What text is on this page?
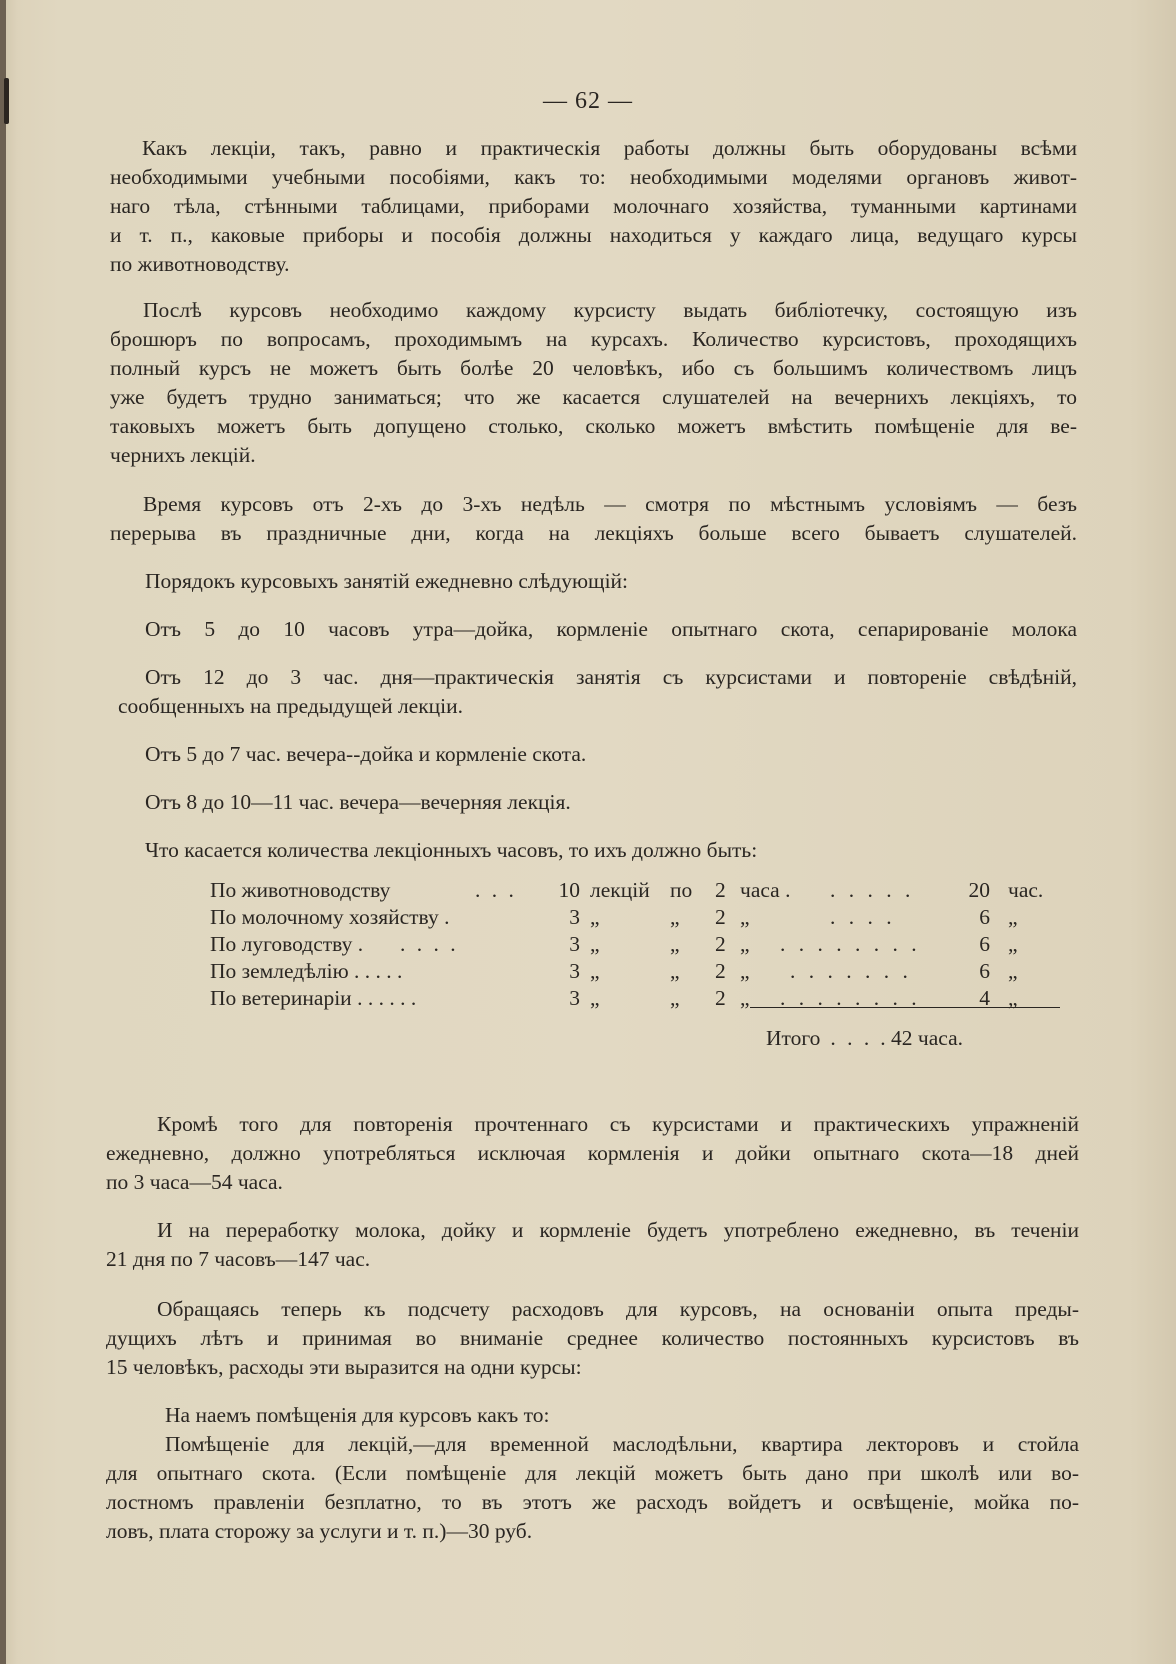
— 62 —
Какъ лекціи, такъ, равно и практическія работы должны быть оборудованы всѣми
необходимыми учебными пособіями, какъ то: необходимыми моделями органовъ живот-
наго тѣла, стѣнными таблицами, приборами молочнаго хозяйства, туманными картинами
и т. п., каковые приборы и пособія должны находиться у каждаго лица, ведущаго курсы
по животноводству.
Послѣ курсовъ необходимо каждому курсисту выдать библіотечку, состоящую изъ
брошюръ по вопросамъ, проходимымъ на курсахъ. Количество курсистовъ, проходящихъ
полный курсъ не можетъ быть болѣе 20 человѣкъ, ибо съ большимъ количествомъ лицъ
уже будетъ трудно заниматься; что же касается слушателей на вечернихъ лекціяхъ, то
таковыхъ можетъ быть допущено столько, сколько можетъ вмѣстить помѣщеніе для ве-
чернихъ лекцій.
Время курсовъ отъ 2-хъ до 3-хъ недѣль — смотря по мѣстнымъ условіямъ — безъ
перерыва въ праздничные дни, когда на лекціяхъ больше всего бываетъ слушателей.
Порядокъ курсовыхъ занятій ежедневно слѣдующій:
Отъ 5 до 10 часовъ утра—дойка, кормленіе опытнаго скота, сепарированіе молока
Отъ 12 до 3 час. дня—практическія занятія съ курсистами и повтореніе свѣдѣній,
сообщенныхъ на предыдущей лекціи.
Отъ 5 до 7 час. вечера--дойка и кормленіе скота.
Отъ 8 до 10—11 час. вечера—вечерняя лекція.
Что касается количества лекціонныхъ часовъ, то ихъ должно быть:
По животноводству	. . .	10 лекцій по 2 часа . . . . . .	20 час.
По молочному хозяйству .	3 „	„ 2 „	. . . .	6 „
По луговодству . . . . .	3 „	„ 2 „ . . . . . . . .	6 „
По земледѣлію . . . . .	3 „	„ 2 „ . . . . . . .	6 „
По ветеринаріи . . . . . .	3 „	„ 2 „ . . . . . . . .	4 „
Итого . . . . 42 часа.
Кромѣ того для повторенія прочтеннаго съ курсистами и практическихъ упражненій
ежедневно, должно употребляться исключая кормленія и дойки опытнаго скота—18 дней
по 3 часа—54 часа.
И на переработку молока, дойку и кормленіе будетъ употреблено ежедневно, въ теченіи
21 дня по 7 часовъ—147 час.
Обращаясь теперь къ подсчету расходовъ для курсовъ, на основаніи опыта преды-
дущихъ лѣтъ и принимая во вниманіе среднее количество постоянныхъ курсистовъ въ
15 человѣкъ, расходы эти выразится на одни курсы:
На наемъ помѣщенія для курсовъ какъ то:
Помѣщеніе для лекцій,—для временной маслодѣльни, квартира лекторовъ и стойла
для опытнаго скота. (Если помѣщеніе для лекцій можетъ быть дано при школѣ или во-
лостномъ правленіи безплатно, то въ этотъ же расходъ войдетъ и освѣщеніе, мойка по-
ловъ, плата сторожу за услуги и т. п.)—30 руб.
